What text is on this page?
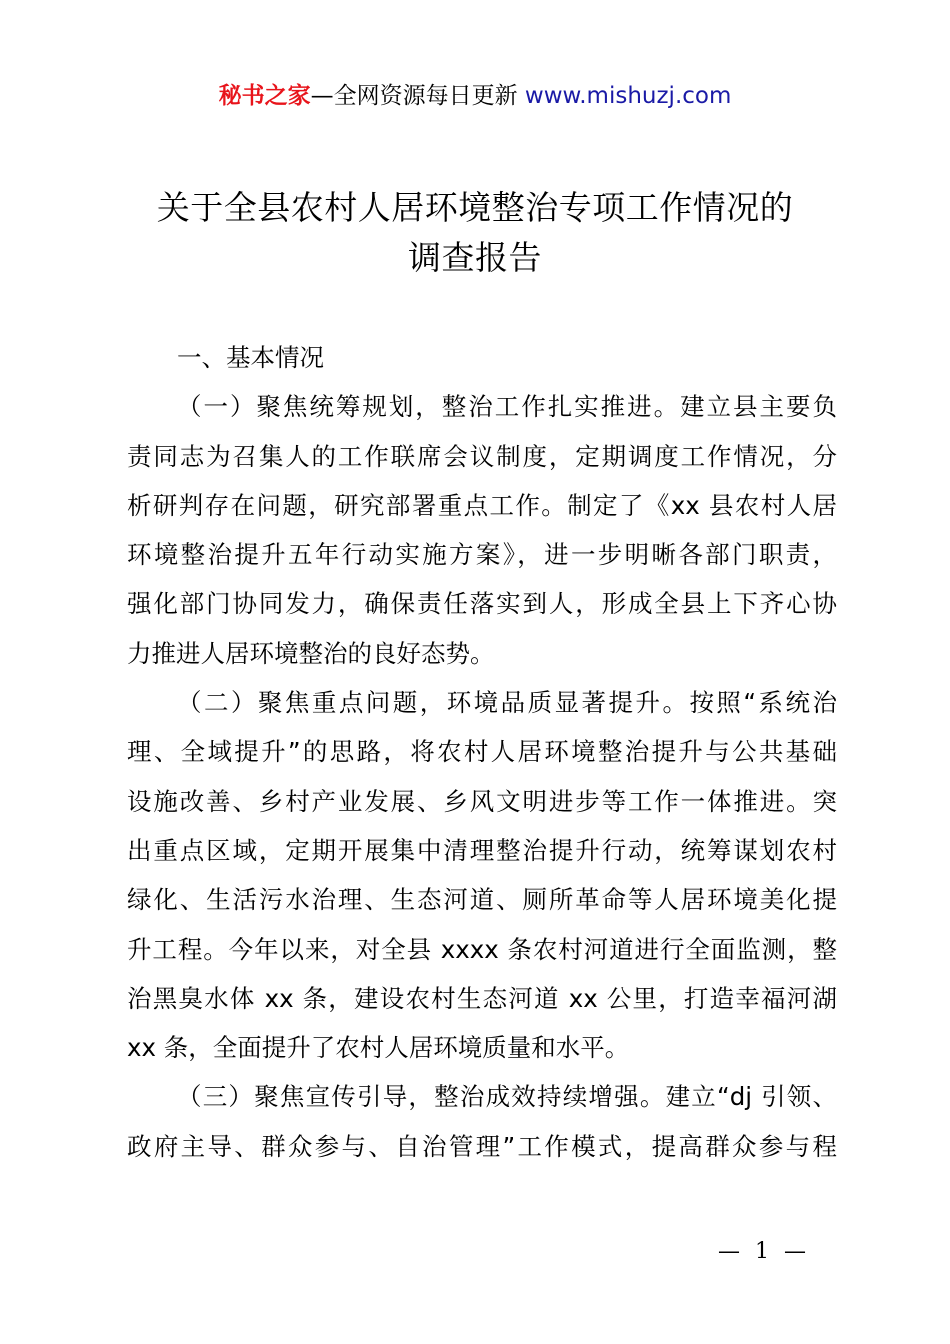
秘书之家—全网资源每日更新 www.mishuzj.com
关于全县农村人居环境整治专项工作情况的
调查报告
一、基本情况
（一）聚焦统筹规划，整治工作扎实推进。建立县主要负
责同志为召集人的工作联席会议制度，定期调度工作情况，分
析研判存在问题，研究部署重点工作。制定了《xx 县农村人居
环境整治提升五年行动实施方案》，进一步明晰各部门职责，
强化部门协同发力，确保责任落实到人，形成全县上下齐心协
力推进人居环境整治的良好态势。
（二）聚焦重点问题，环境品质显著提升。按照“系统治
理、全域提升”的思路，将农村人居环境整治提升与公共基础
设施改善、乡村产业发展、乡风文明进步等工作一体推进。突
出重点区域，定期开展集中清理整治提升行动，统筹谋划农村
绿化、生活污水治理、生态河道、厕所革命等人居环境美化提
升工程。今年以来，对全县 xxxx 条农村河道进行全面监测，整
治黑臭水体 xx 条，建设农村生态河道 xx 公里，打造幸福河湖
xx 条，全面提升了农村人居环境质量和水平。
（三）聚焦宣传引导，整治成效持续增强。建立“dj 引领、
政府主导、群众参与、自治管理”工作模式，提高群众参与程
— 1 —
